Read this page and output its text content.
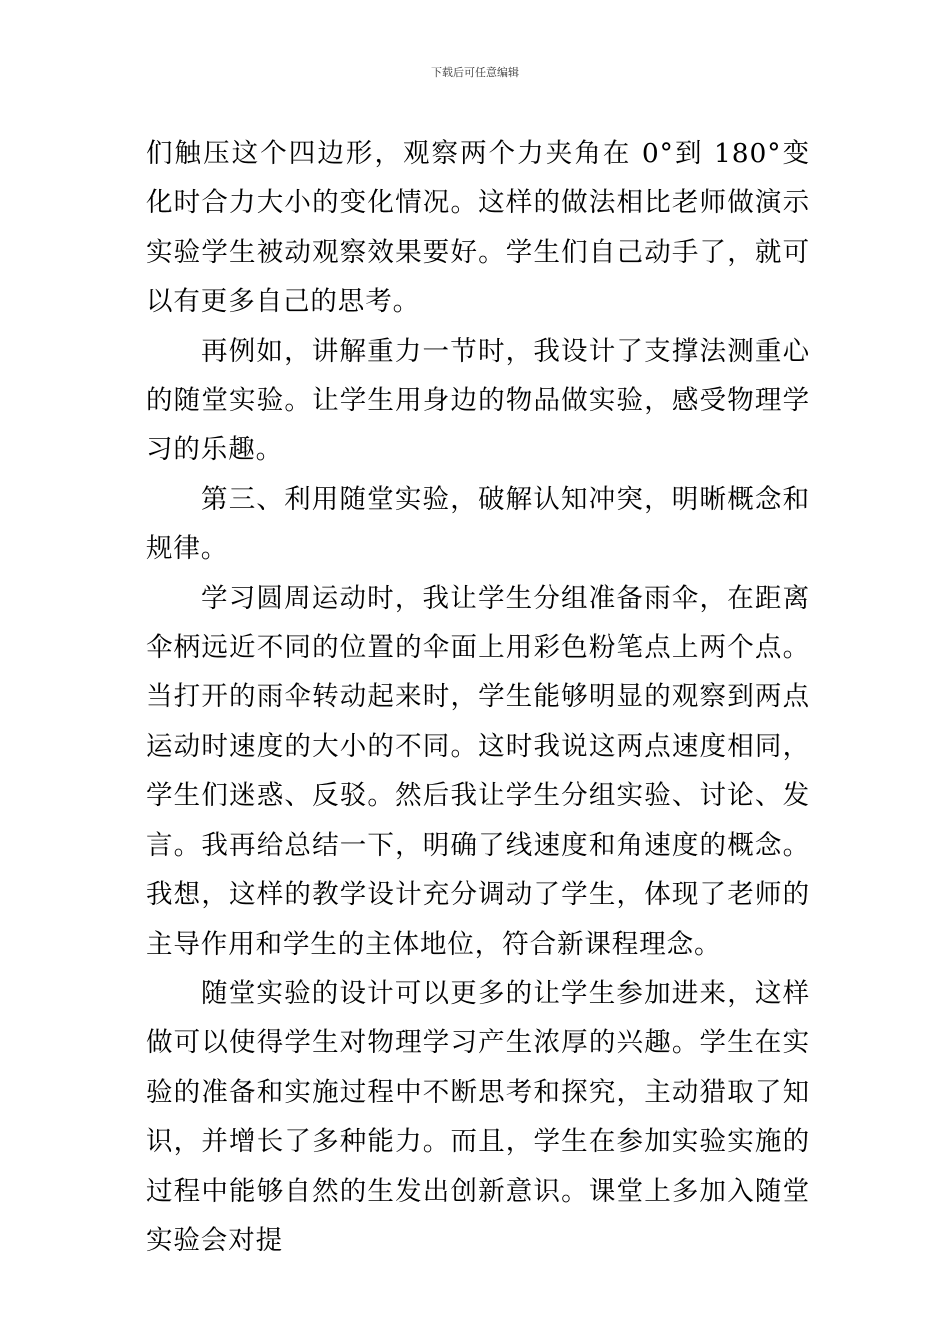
下载后可任意编辑

们触压这个四边形，观察两个力夹角在 0°到 180°变化时合力大小的变化情况。这样的做法相比老师做演示实验学生被动观察效果要好。学生们自己动手了，就可以有更多自己的思考。

再例如，讲解重力一节时，我设计了支撑法测重心的随堂实验。让学生用身边的物品做实验，感受物理学习的乐趣。

第三、利用随堂实验，破解认知冲突，明晰概念和规律。

学习圆周运动时，我让学生分组准备雨伞，在距离伞柄远近不同的位置的伞面上用彩色粉笔点上两个点。当打开的雨伞转动起来时，学生能够明显的观察到两点运动时速度的大小的不同。这时我说这两点速度相同，学生们迷惑、反驳。然后我让学生分组实验、讨论、发言。我再给总结一下，明确了线速度和角速度的概念。我想，这样的教学设计充分调动了学生，体现了老师的主导作用和学生的主体地位，符合新课程理念。

随堂实验的设计可以更多的让学生参加进来，这样做可以使得学生对物理学习产生浓厚的兴趣。学生在实验的准备和实施过程中不断思考和探究，主动猎取了知识，并增长了多种能力。而且，学生在参加实验实施的过程中能够自然的生发出创新意识。课堂上多加入随堂实验会对提
